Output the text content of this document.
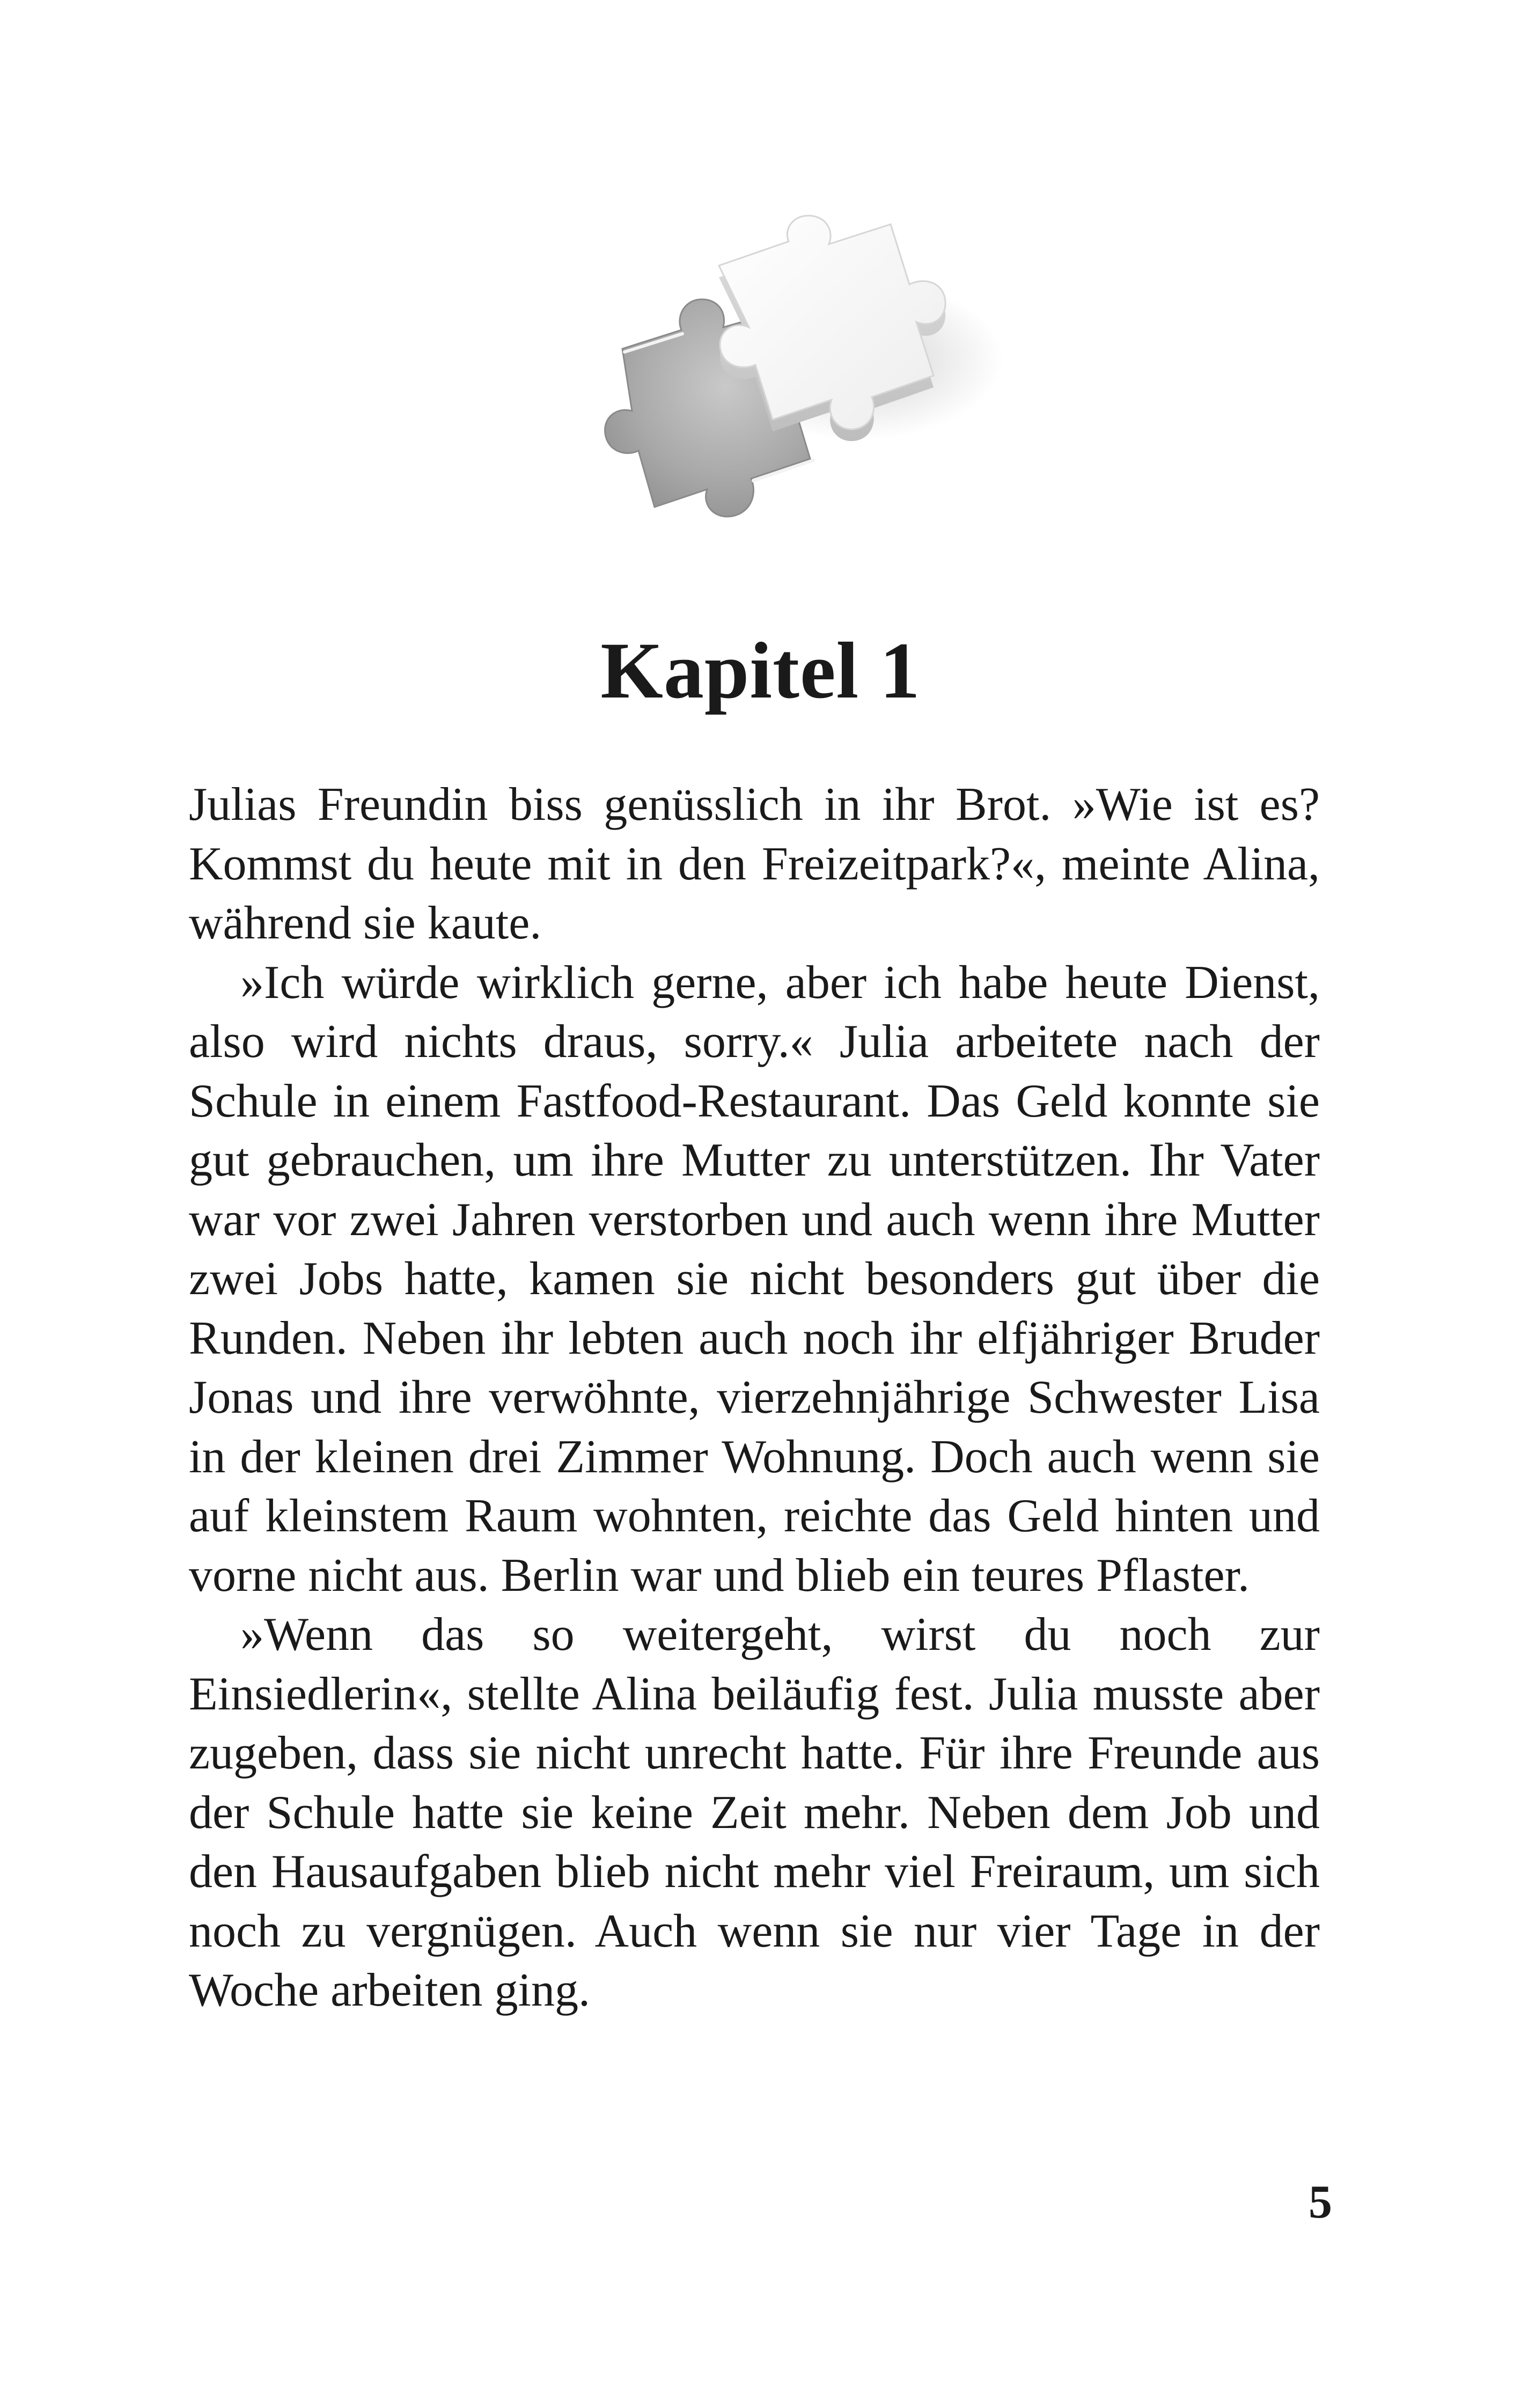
Kapitel 1

Julias Freundin biss genüsslich in ihr Brot. »Wie ist es? Kommst du heute mit in den Freizeitpark?«, meinte Alina, während sie kaute.

»Ich würde wirklich gerne, aber ich habe heute Dienst, also wird nichts draus, sorry.« Julia arbeitete nach der Schule in einem Fastfood-Restaurant. Das Geld konnte sie gut gebrauchen, um ihre Mutter zu unterstützen. Ihr Vater war vor zwei Jahren verstorben und auch wenn ihre Mutter zwei Jobs hatte, kamen sie nicht besonders gut über die Runden. Neben ihr lebten auch noch ihr elfjähriger Bruder Jonas und ihre verwöhnte, vierzehnjährige Schwester Lisa in der kleinen drei Zimmer Wohnung. Doch auch wenn sie auf kleinstem Raum wohnten, reichte das Geld hinten und vorne nicht aus. Berlin war und blieb ein teures Pflaster.

»Wenn das so weitergeht, wirst du noch zur Einsiedlerin«, stellte Alina beiläufig fest. Julia musste aber zugeben, dass sie nicht unrecht hatte. Für ihre Freunde aus der Schule hatte sie keine Zeit mehr. Neben dem Job und den Hausaufgaben blieb nicht mehr viel Freiraum, um sich noch zu vergnügen. Auch wenn sie nur vier Tage in der Woche arbeiten ging.

5
